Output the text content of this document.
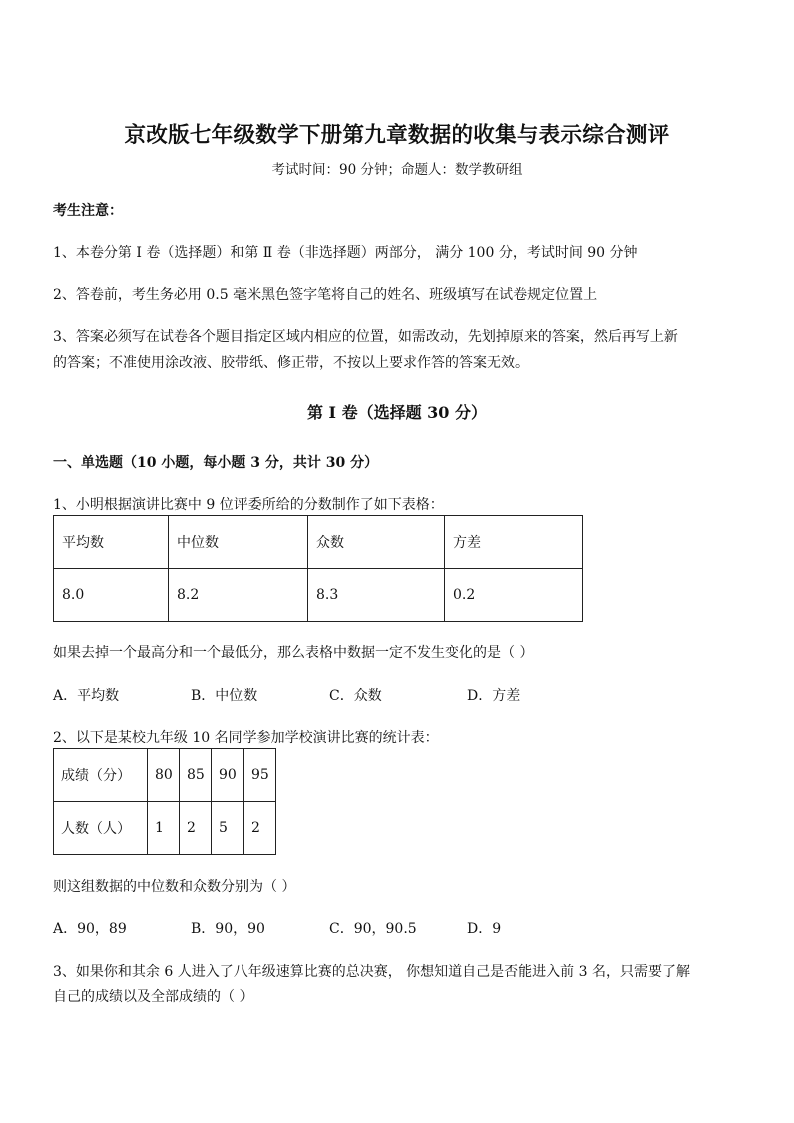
京改版七年级数学下册第九章数据的收集与表示综合测评
考试时间：90 分钟；命题人：数学教研组
考生注意：
1、本卷分第 I 卷（选择题）和第 Ⅱ 卷（非选择题）两部分， 满分 100 分，考试时间 90 分钟
2、答卷前，考生务必用 0.5 毫米黑色签字笔将自己的姓名、班级填写在试卷规定位置上
3、答案必须写在试卷各个题目指定区域内相应的位置，如需改动，先划掉原来的答案，然后再写上新
的答案；不准使用涂改液、胶带纸、修正带，不按以上要求作答的答案无效。
第 I 卷（选择题 30 分）
一、单选题（10 小题，每小题 3 分，共计 30 分）
1、小明根据演讲比赛中 9 位评委所给的分数制作了如下表格：
平均数	中位数	众数	方差
8.0	8.2	8.3	0.2
如果去掉一个最高分和一个最低分，那么表格中数据一定不发生变化的是（ ）
A．平均数	B．中位数	C．众数	D．方差
2、以下是某校九年级 10 名同学参加学校演讲比赛的统计表：
成绩（分）	80	85	90	95
人数（人）	1	2	5	2
则这组数据的中位数和众数分别为（ ）
A．90，89	B．90，90	C．90，90.5	D．9
3、如果你和其余 6 人进入了八年级速算比赛的总决赛， 你想知道自己是否能进入前 3 名，只需要了解
自己的成绩以及全部成绩的（ ）
